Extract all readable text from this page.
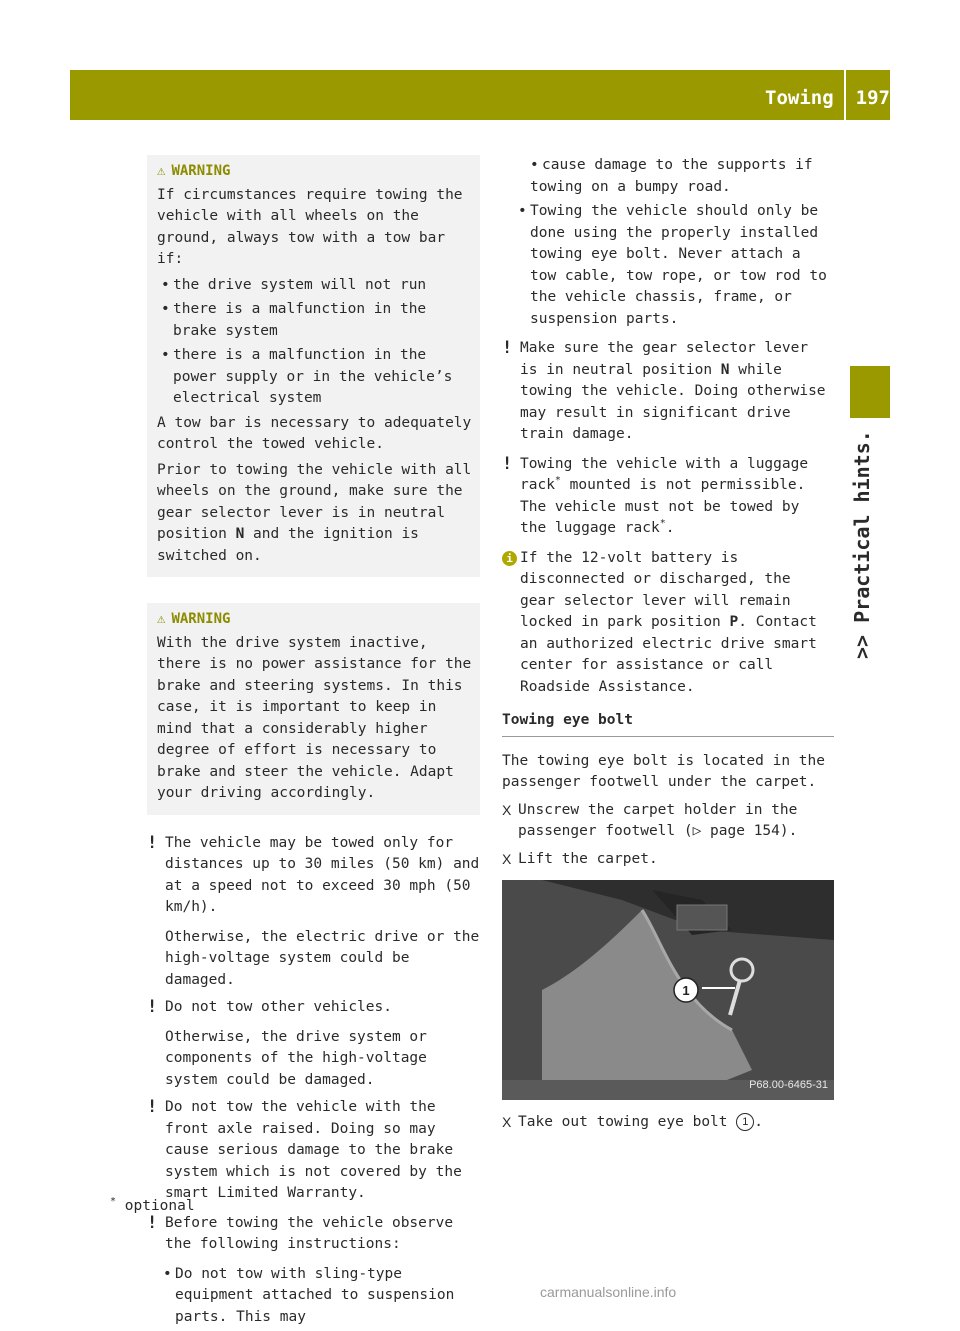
Towing 197
>> Practical hints.
⚠ WARNING

If circumstances require towing the vehicle with all wheels on the ground, always tow with a tow bar if:

• the drive system will not run
• there is a malfunction in the brake system
• there is a malfunction in the power supply or in the vehicle’s electrical system

A tow bar is necessary to adequately control the towed vehicle.

Prior to towing the vehicle with all wheels on the ground, make sure the gear selector lever is in neutral position N and the ignition is switched on.

⚠ WARNING

With the drive system inactive, there is no power assistance for the brake and steering systems. In this case, it is important to keep in mind that a considerably higher degree of effort is necessary to brake and steer the vehicle. Adapt your driving accordingly.

! The vehicle may be towed only for distances up to 30 miles (50 km) and at a speed not to exceed 30 mph (50 km/h).

Otherwise, the electric drive or the high-voltage system could be damaged.

! Do not tow other vehicles.

Otherwise, the drive system or components of the high-voltage system could be damaged.

! Do not tow the vehicle with the front axle raised. Doing so may cause serious damage to the brake system which is not covered by the smart Limited Warranty.
! Before towing the vehicle observe the following instructions:
• Do not tow with sling-type equipment attached to suspension parts. This may
• cause damage to the supports if towing on a bumpy road.
• Towing the vehicle should only be done using the properly installed towing eye bolt. Never attach a tow cable, tow rope, or tow rod to the vehicle chassis, frame, or suspension parts.
! Make sure the gear selector lever is in neutral position N while towing the vehicle. Doing otherwise may result in significant drive train damage.
! Towing the vehicle with a luggage rack* mounted is not permissible. The vehicle must not be towed by the luggage rack*.
i If the 12-volt battery is disconnected or discharged, the gear selector lever will remain locked in park position P. Contact an authorized electric drive smart center for assistance or call Roadside Assistance.
Towing eye bolt

The towing eye bolt is located in the passenger footwell under the carpet.

X Unscrew the carpet holder in the passenger footwell (▷ page 154).
X Lift the carpet.
1
P68.00-6465-31
X Take out towing eye bolt 1 .
* optional
carmanualsonline.info
